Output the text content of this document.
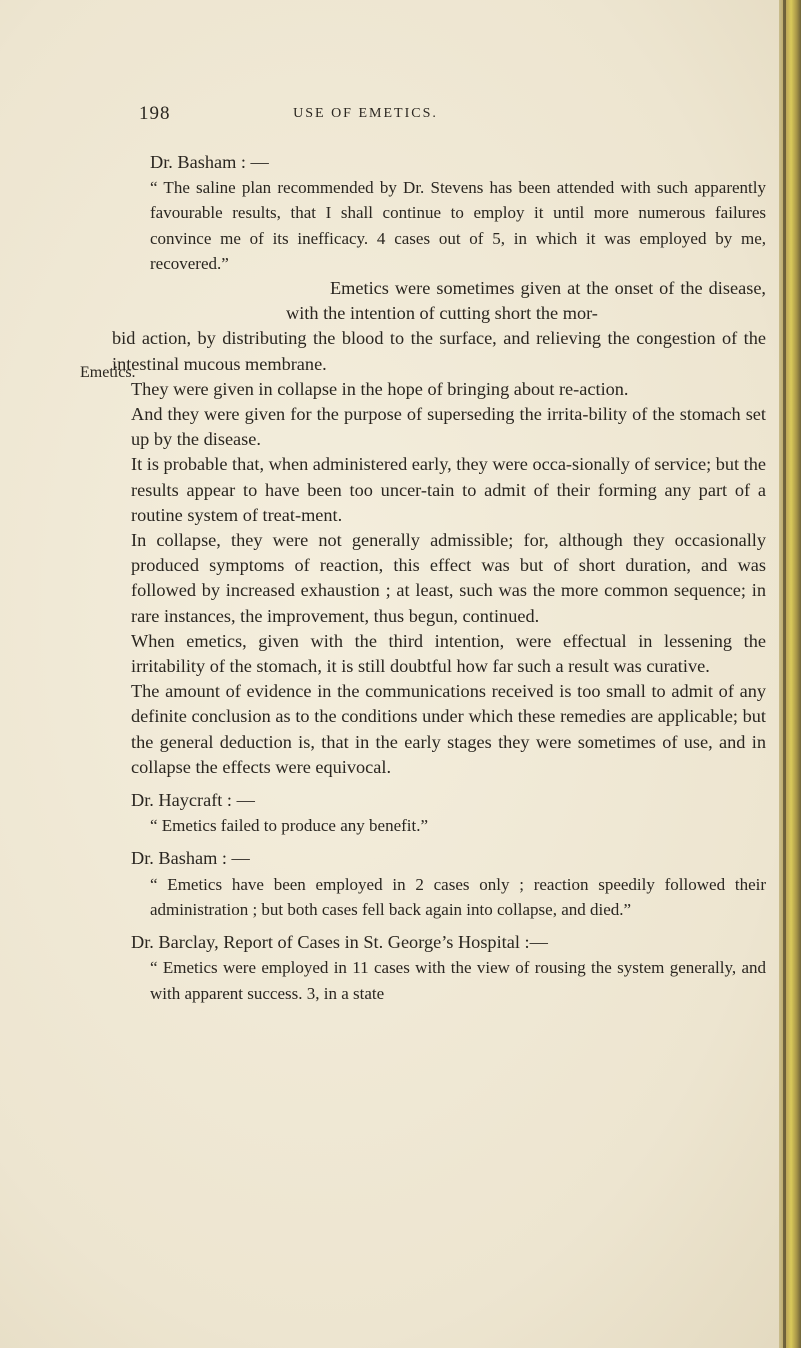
198	USE OF EMETICS.

Dr. Basham : —

“ The saline plan recommended by Dr. Stevens has been attended with such apparently favourable results, that I shall continue to employ it until more numerous failures convince me of its inefficacy. 4 cases out of 5, in which it was employed by me, recovered.”

Emetics were sometimes given at the onset of the disease, with the intention of cutting short the mor-
bid action, by distributing the blood to the surface, and relieving the congestion of the intestinal mucous membrane.

They were given in collapse in the hope of bringing about re-action.

And they were given for the purpose of superseding the irrita-bility of the stomach set up by the disease.

It is probable that, when administered early, they were occa-sionally of service; but the results appear to have been too uncer-tain to admit of their forming any part of a routine system of treat-ment.

In collapse, they were not generally admissible; for, although they occasionally produced symptoms of reaction, this effect was but of short duration, and was followed by increased exhaustion ; at least, such was the more common sequence; in rare instances, the improvement, thus begun, continued.

When emetics, given with the third intention, were effectual in lessening the irritability of the stomach, it is still doubtful how far such a result was curative.

The amount of evidence in the communications received is too small to admit of any definite conclusion as to the conditions under which these remedies are applicable; but the general deduction is, that in the early stages they were sometimes of use, and in collapse the effects were equivocal.

Dr. Haycraft : —

“ Emetics failed to produce any benefit.”

Dr. Basham : —

“ Emetics have been employed in 2 cases only ; reaction speedily followed their administration ; but both cases fell back again into collapse, and died.”

Dr. Barclay, Report of Cases in St. George’s Hospital :—

“ Emetics were employed in 11 cases with the view of rousing the system generally, and with apparent success. 3, in a state

Emetics.
